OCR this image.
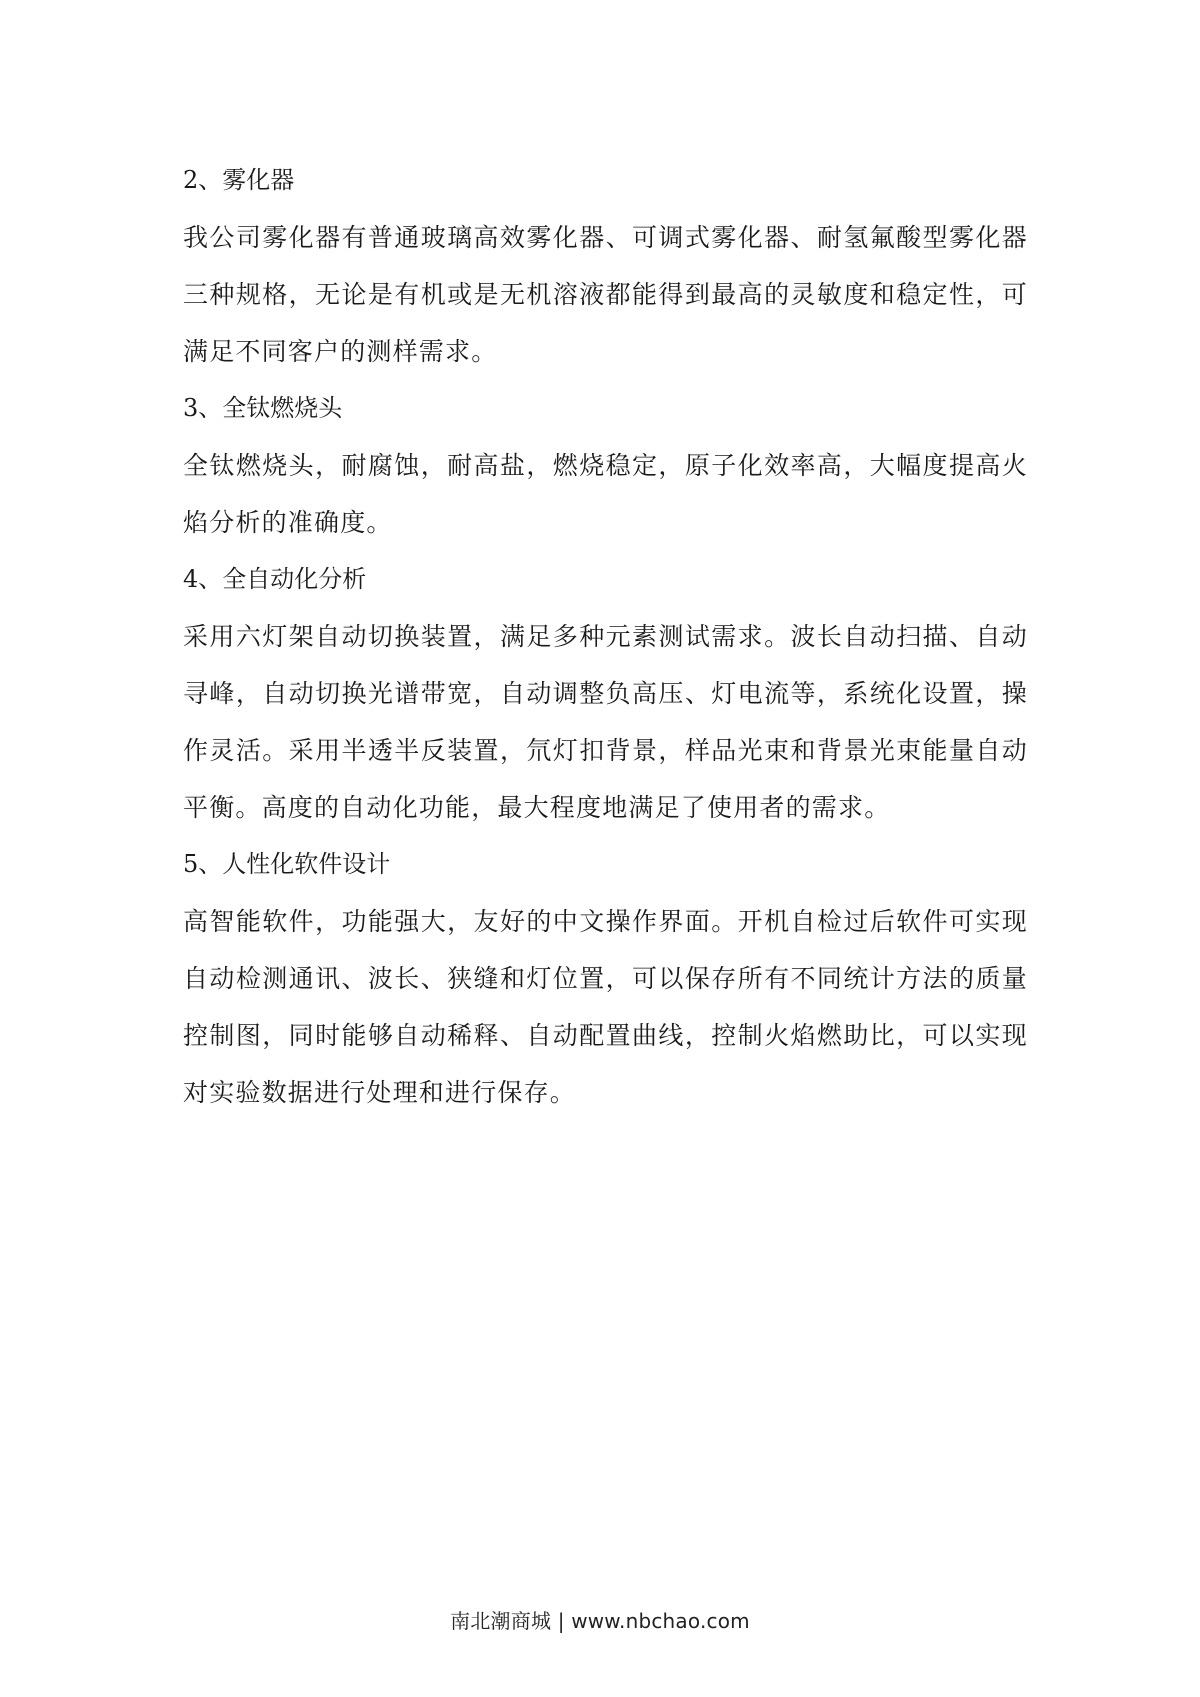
2、雾化器

我公司雾化器有普通玻璃高效雾化器、可调式雾化器、耐氢氟酸型雾化器三种规格，无论是有机或是无机溶液都能得到最高的灵敏度和稳定性，可满足不同客户的测样需求。

3、全钛燃烧头

全钛燃烧头，耐腐蚀，耐高盐，燃烧稳定，原子化效率高，大幅度提高火焰分析的准确度。

4、全自动化分析

采用六灯架自动切换装置，满足多种元素测试需求。波长自动扫描、自动寻峰，自动切换光谱带宽，自动调整负高压、灯电流等，系统化设置，操作灵活。采用半透半反装置，氘灯扣背景，样品光束和背景光束能量自动平衡。高度的自动化功能，最大程度地满足了使用者的需求。

5、人性化软件设计

高智能软件，功能强大，友好的中文操作界面。开机自检过后软件可实现自动检测通讯、波长、狭缝和灯位置，可以保存所有不同统计方法的质量控制图，同时能够自动稀释、自动配置曲线，控制火焰燃助比，可以实现对实验数据进行处理和进行保存。

南北潮商城 | www.nbchao.com
